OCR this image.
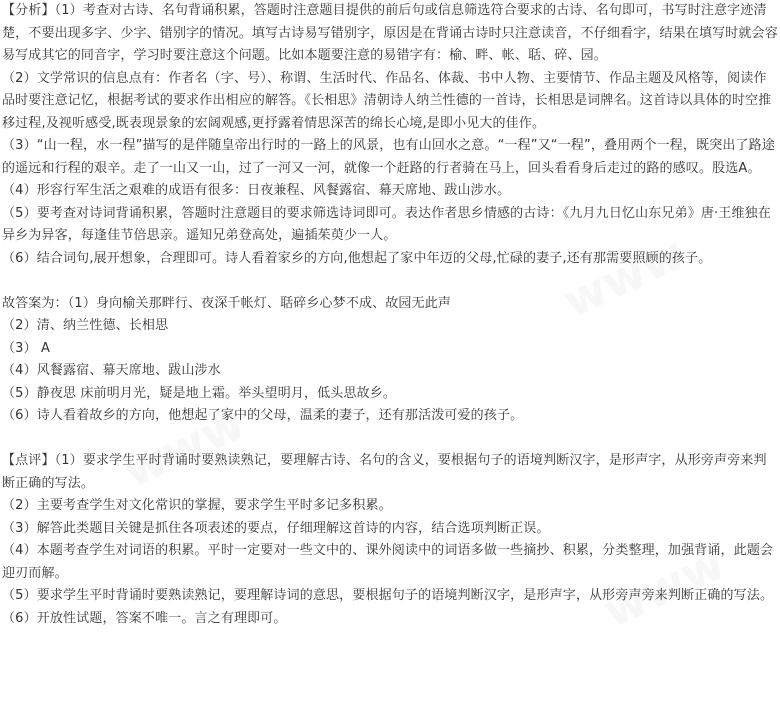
www
www
www

【分析】（1）考查对古诗、名句背诵积累，答题时注意题目提供的前后句或信息筛选符合要求的古诗、名句即可，书写时注意字迹清楚，不要出现多字、少字、错别字的情况。填写古诗易写错别字，原因是在背诵古诗时只注意读音，不仔细看字，结果在填写时就会容易写成其它的同音字，学习时要注意这个问题。比如本题要注意的易错字有：榆、畔、帐、聒、碎、园。

（2）文学常识的信息点有：作者名（字、号）、称谓、生活时代、作品名、体裁、书中人物、主要情节、作品主题及风格等，阅读作品时要注意记忆，根据考试的要求作出相应的解答。《长相思》清朝诗人纳兰性德的一首诗，长相思是词牌名。这首诗以具体的时空推移过程,及视听感受,既表现景象的宏阔观感,更抒露着情思深苦的绵长心境,是即小见大的佳作。

（3）“山一程，水一程”描写的是伴随皇帝出行时的一路上的风景，也有山回水之意。“一程”又“一程”，叠用两个一程，既突出了路途的遥远和行程的艰辛。走了一山又一山，过了一河又一河，就像一个赶路的行者骑在马上，回头看看身后走过的路的感叹。股选A。

（4）形容行军生活之艰难的成语有很多：日夜兼程、风餐露宿、幕天席地、跋山涉水。

（5）要考查对诗词背诵积累，答题时注意题目的要求筛选诗词即可。表达作者思乡情感的古诗：《九月九日忆山东兄弟》唐·王维独在异乡为异客，每逢佳节倍思亲。遥知兄弟登高处，遍插茱萸少一人。

（6）结合词句,展开想象，合理即可。诗人看着家乡的方向,他想起了家中年迈的父母,忙碌的妻子,还有那需要照顾的孩子。

故答案为：（1）身向榆关那畔行、夜深千帐灯、聒碎乡心梦不成、故园无此声

（2）清、纳兰性德、长相思

（3） A

（4）风餐露宿、幕天席地、跋山涉水

（5）静夜思 床前明月光，疑是地上霜。举头望明月，低头思故乡。

（6）诗人看着故乡的方向，他想起了家中的父母，温柔的妻子，还有那活泼可爱的孩子。

【点评】（1）要求学生平时背诵时要熟读熟记，要理解古诗、名句的含义，要根据句子的语境判断汉字，是形声字，从形旁声旁来判断正确的写法。

（2）主要考查学生对文化常识的掌握，要求学生平时多记多积累。

（3）解答此类题目关键是抓住各项表述的要点，仔细理解这首诗的内容，结合选项判断正误。

（4）本题考查学生对词语的积累。平时一定要对一些文中的、课外阅读中的词语多做一些摘抄、积累，分类整理，加强背诵，此题会迎刃而解。

（5）要求学生平时背诵时要熟读熟记，要理解诗词的意思，要根据句子的语境判断汉字，是形声字，从形旁声旁来判断正确的写法。

（6）开放性试题，答案不唯一。言之有理即可。
